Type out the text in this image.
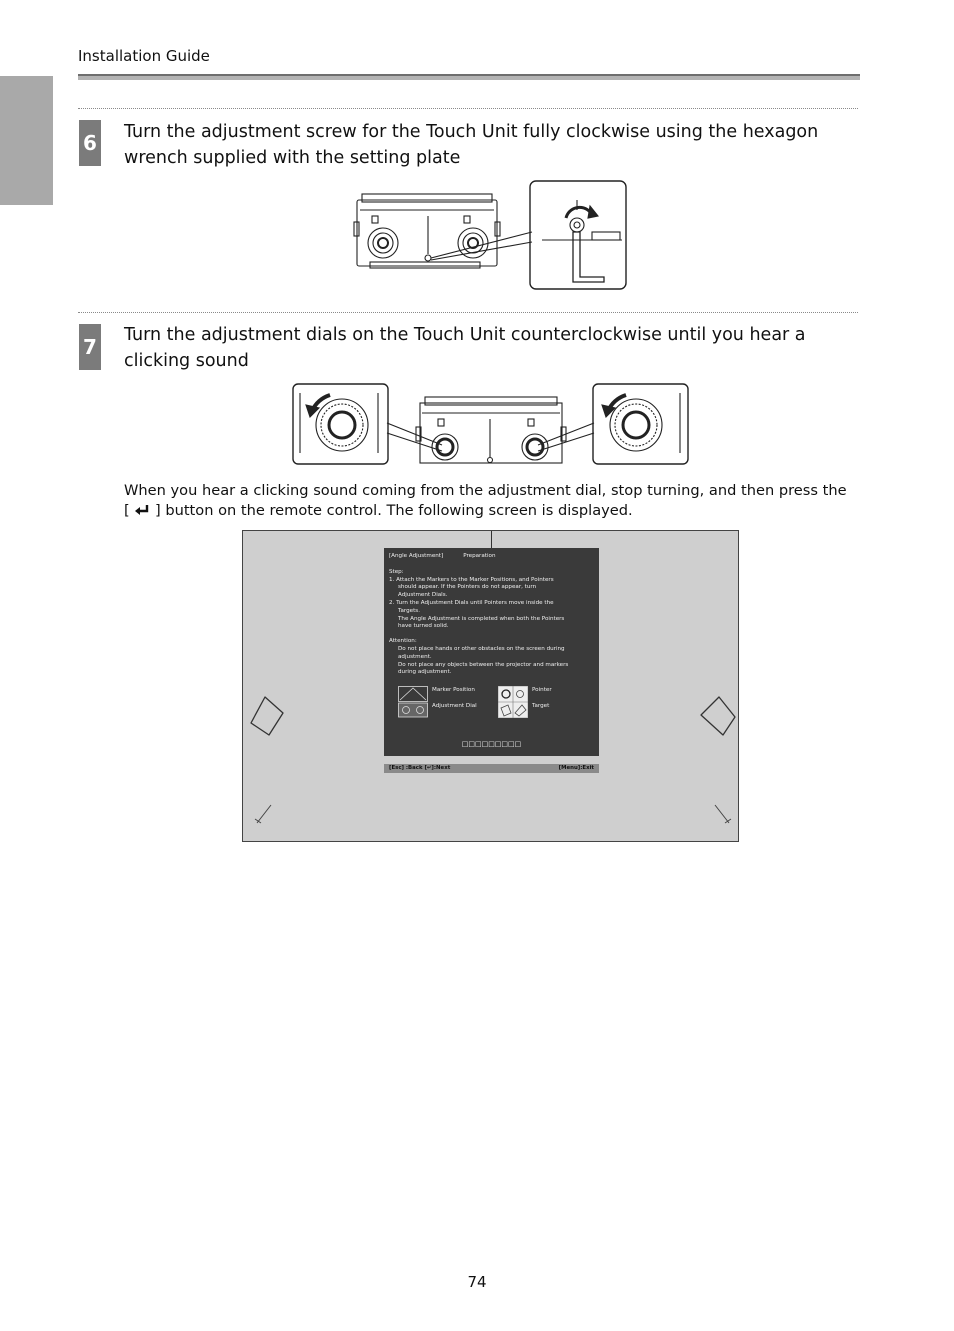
Installation Guide
6 Turn the adjustment screw for the Touch Unit fully clockwise using the hexagon wrench supplied with the setting plate
7 Turn the adjustment dials on the Touch Unit counterclockwise until you hear a clicking sound
When you hear a clicking sound coming from the adjustment dial, stop turning, and then press the
[ ] button on the remote control. The following screen is displayed.
[Angle Adjustment]	Preparation

Step:

1. Attach the Markers to the Marker Positions, and Pointers

should appear. If the Pointers do not appear, turn

Adjustment Dials.

2. Turn the Adjustment Dials until Pointers move inside the

Targets.

The Angle Adjustment is completed when both the Pointers

have turned solid.

Attention:

Do not place hands or other obstacles on the screen during

adjustment.

Do not place any objects between the projector and markers

during adjustment.

Marker Position
Adjustment Dial
Pointer
Target
□□□□□□□□□
[Esc] :Back [↵]:Next	[Menu]:Exit
74
